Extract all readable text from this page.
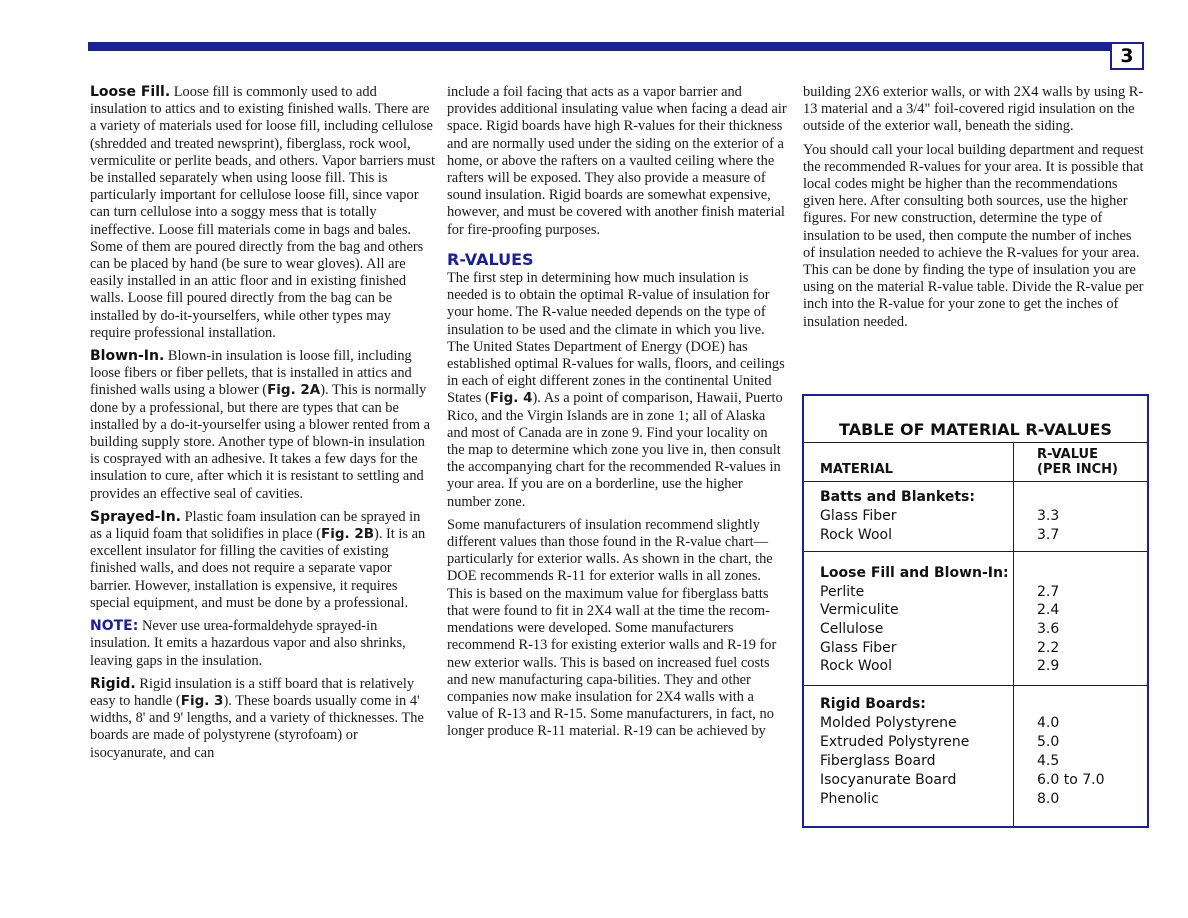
3

Loose Fill. Loose fill is commonly used to add insulation to attics and to existing finished walls. There are a variety of materials used for loose fill, including cellulose (shredded and treated newsprint), fiberglass, rock wool, vermiculite or perlite beads, and others. Vapor barriers must be installed separately when using loose fill. This is particularly important for cellulose loose fill, since vapor can turn cellulose into a soggy mess that is totally ineffective. Loose fill materials come in bags and bales. Some of them are poured directly from the bag and others can be placed by hand (be sure to wear gloves). All are easily installed in an attic floor and in existing finished walls. Loose fill poured directly from the bag can be installed by do-it-yourselfers, while other types may require professional installation.

Blown-In. Blown-in insulation is loose fill, including loose fibers or fiber pellets, that is installed in attics and finished walls using a blower (Fig. 2A). This is normally done by a professional, but there are types that can be installed by a do-it-yourselfer using a blower rented from a building supply store. Another type of blown-in insulation is cosprayed with an adhesive. It takes a few days for the insulation to cure, after which it is resistant to settling and provides an effective seal of cavities.

Sprayed-In. Plastic foam insulation can be sprayed in as a liquid foam that solidifies in place (Fig. 2B). It is an excellent insulator for filling the cavities of existing finished walls, and does not require a separate vapor barrier. However, installation is expensive, it requires special equipment, and must be done by a professional.

NOTE: Never use urea-formaldehyde sprayed-in insulation. It emits a hazardous vapor and also shrinks, leaving gaps in the insulation.

Rigid. Rigid insulation is a stiff board that is relatively easy to handle (Fig. 3). These boards usually come in 4' widths, 8' and 9' lengths, and a variety of thicknesses. The boards are made of polystyrene (styrofoam) or isocyanurate, and can

include a foil facing that acts as a vapor barrier and provides additional insulating value when facing a dead air space. Rigid boards have high R-values for their thickness and are normally used under the siding on the exterior of a home, or above the rafters on a vaulted ceiling where the rafters will be exposed. They also provide a measure of sound insulation. Rigid boards are somewhat expensive, however, and must be covered with another finish material for fire-proofing purposes.

R-VALUES

The first step in determining how much insulation is needed is to obtain the optimal R-value of insulation for your home. The R-value needed depends on the type of insulation to be used and the climate in which you live. The United States Department of Energy (DOE) has established optimal R-values for walls, floors, and ceilings in each of eight different zones in the continental United States (Fig. 4). As a point of comparison, Hawaii, Puerto Rico, and the Virgin Islands are in zone 1; all of Alaska and most of Canada are in zone 9. Find your locality on the map to determine which zone you live in, then consult the accompanying chart for the recommended R-values in your area. If you are on a borderline, use the higher number zone.

Some manufacturers of insulation recommend slightly different values than those found in the R-value chart—particularly for exterior walls. As shown in the chart, the DOE recommends R-11 for exterior walls in all zones. This is based on the maximum value for fiberglass batts that were found to fit in 2X4 wall at the time the recom-mendations were developed. Some manufacturers recommend R-13 for existing exterior walls and R-19 for new exterior walls. This is based on increased fuel costs and new manufacturing capa-bilities. They and other companies now make insulation for 2X4 walls with a value of R-13 and R-15. Some manufacturers, in fact, no longer produce R-11 material. R-19 can be achieved by

building 2X6 exterior walls, or with 2X4 walls by using R-13 material and a 3/4" foil-covered rigid insulation on the outside of the exterior wall, beneath the siding.

You should call your local building department and request the recommended R-values for your area. It is possible that local codes might be higher than the recommendations given here. After consulting both sources, use the higher figures. For new construction, determine the type of insulation to be used, then compute the number of inches of insulation needed to achieve the R-values for your area. This can be done by finding the type of insulation you are using on the material R-value table. Divide the R-value per inch into the R-value for your zone to get the inches of insulation needed.

TABLE OF MATERIAL R-VALUES
MATERIAL
R-VALUE
(PER INCH)
Batts and Blankets:
Glass Fiber	3.3
Rock Wool	3.7
Loose Fill and Blown-In:
Perlite	2.7
Vermiculite	2.4
Cellulose	3.6
Glass Fiber	2.2
Rock Wool	2.9
Rigid Boards:
Molded Polystyrene	4.0
Extruded Polystyrene	5.0
Fiberglass Board	4.5
Isocyanurate Board	6.0 to 7.0
Phenolic	8.0
